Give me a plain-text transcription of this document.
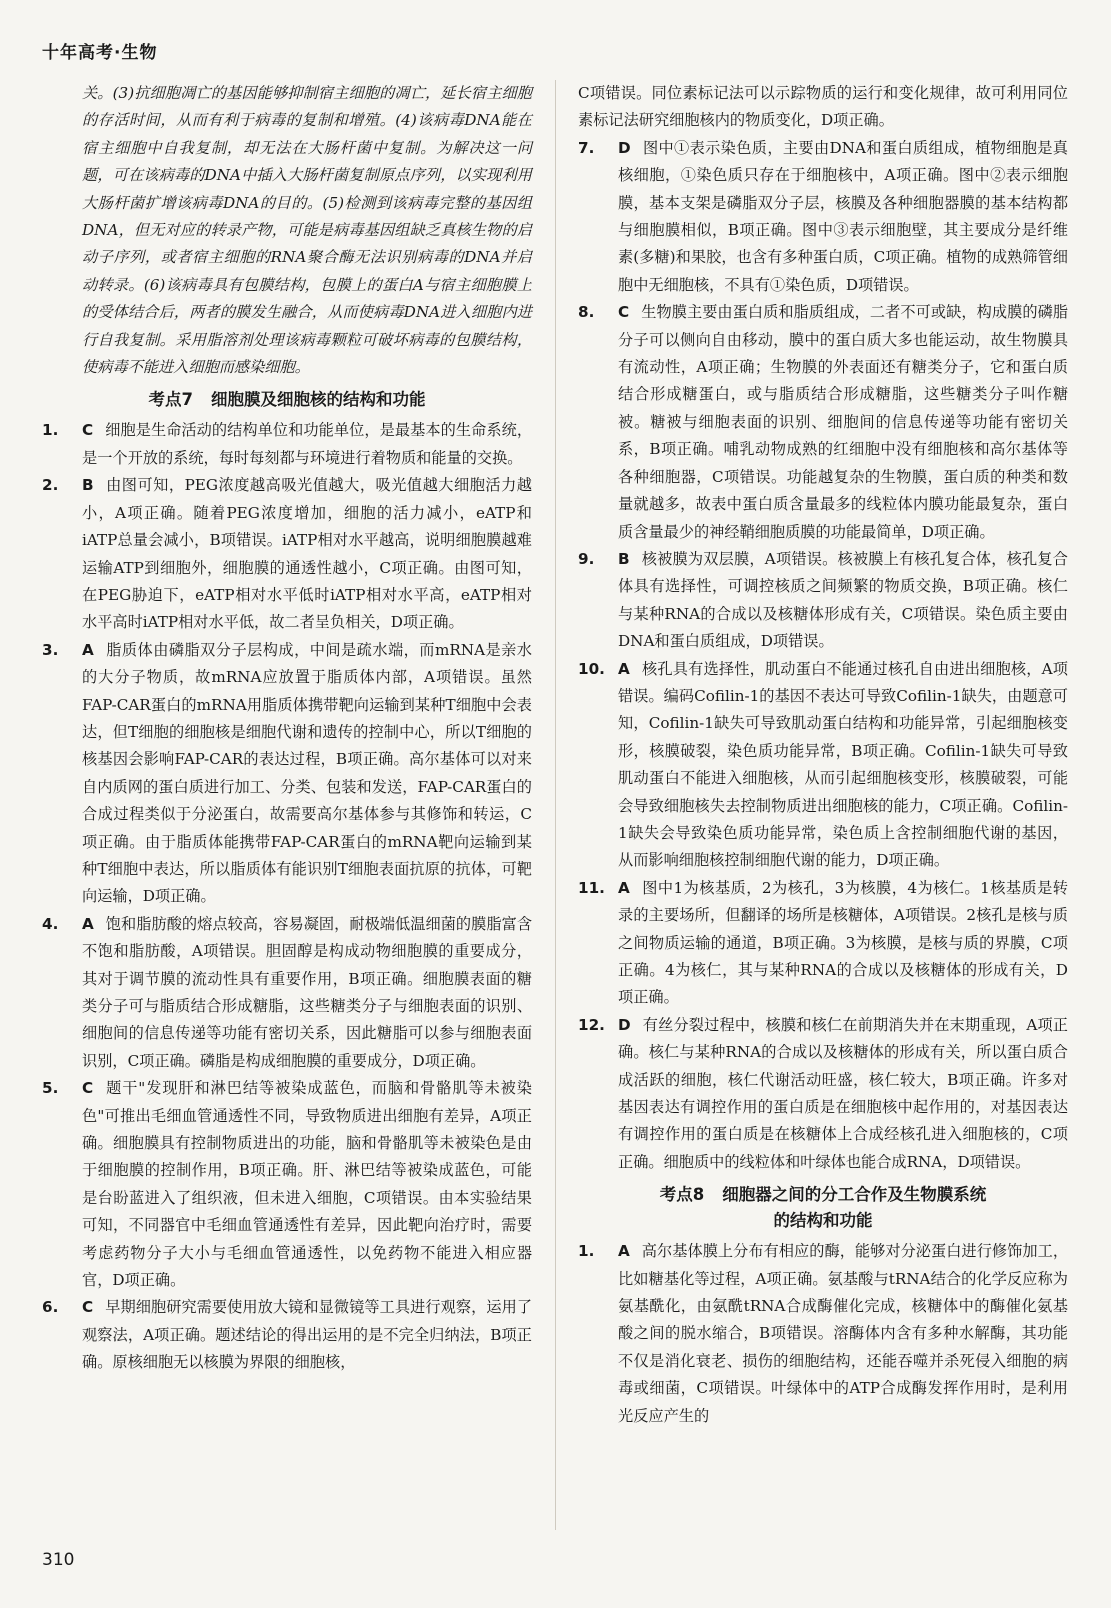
十年高考·生物

关。(3)抗细胞凋亡的基因能够抑制宿主细胞的凋亡，延长宿主细胞的存活时间，从而有利于病毒的复制和增殖。(4)该病毒DNA能在宿主细胞中自我复制，却无法在大肠杆菌中复制。为解决这一问题，可在该病毒的DNA中插入大肠杆菌复制原点序列，以实现利用大肠杆菌扩增该病毒DNA的目的。(5)检测到该病毒完整的基因组DNA，但无对应的转录产物，可能是病毒基因组缺乏真核生物的启动子序列，或者宿主细胞的RNA聚合酶无法识别病毒的DNA并启动转录。(6)该病毒具有包膜结构，包膜上的蛋白A与宿主细胞膜上的受体结合后，两者的膜发生融合，从而使病毒DNA进入细胞内进行自我复制。采用脂溶剂处理该病毒颗粒可破坏病毒的包膜结构，使病毒不能进入细胞而感染细胞。

考点7 细胞膜及细胞核的结构和功能
1. C 细胞是生命活动的结构单位和功能单位，是最基本的生命系统，是一个开放的系统，每时每刻都与环境进行着物质和能量的交换。
2. B 由图可知，PEG浓度越高吸光值越大，吸光值越大细胞活力越小，A项正确。随着PEG浓度增加，细胞的活力减小，eATP和iATP总量会减小，B项错误。iATP相对水平越高，说明细胞膜越难运输ATP到细胞外，细胞膜的通透性越小，C项正确。由图可知，在PEG胁迫下，eATP相对水平低时iATP相对水平高，eATP相对水平高时iATP相对水平低，故二者呈负相关，D项正确。
3. A 脂质体由磷脂双分子层构成，中间是疏水端，而mRNA是亲水的大分子物质，故mRNA应放置于脂质体内部，A项错误。虽然FAP-CAR蛋白的mRNA用脂质体携带靶向运输到某种T细胞中会表达，但T细胞的细胞核是细胞代谢和遗传的控制中心，所以T细胞的核基因会影响FAP-CAR的表达过程，B项正确。高尔基体可以对来自内质网的蛋白质进行加工、分类、包装和发送，FAP-CAR蛋白的合成过程类似于分泌蛋白，故需要高尔基体参与其修饰和转运，C项正确。由于脂质体能携带FAP-CAR蛋白的mRNA靶向运输到某种T细胞中表达，所以脂质体有能识别T细胞表面抗原的抗体，可靶向运输，D项正确。
4. A 饱和脂肪酸的熔点较高，容易凝固，耐极端低温细菌的膜脂富含不饱和脂肪酸，A项错误。胆固醇是构成动物细胞膜的重要成分，其对于调节膜的流动性具有重要作用，B项正确。细胞膜表面的糖类分子可与脂质结合形成糖脂，这些糖类分子与细胞表面的识别、细胞间的信息传递等功能有密切关系，因此糖脂可以参与细胞表面识别，C项正确。磷脂是构成细胞膜的重要成分，D项正确。
5. C 题干"发现肝和淋巴结等被染成蓝色，而脑和骨骼肌等未被染色"可推出毛细血管通透性不同，导致物质进出细胞有差异，A项正确。细胞膜具有控制物质进出的功能，脑和骨骼肌等未被染色是由于细胞膜的控制作用，B项正确。肝、淋巴结等被染成蓝色，可能是台盼蓝进入了组织液，但未进入细胞，C项错误。由本实验结果可知，不同器官中毛细血管通透性有差异，因此靶向治疗时，需要考虑药物分子大小与毛细血管通透性，以免药物不能进入相应器官，D项正确。
6. C 早期细胞研究需要使用放大镜和显微镜等工具进行观察，运用了观察法，A项正确。题述结论的得出运用的是不完全归纳法，B项正确。原核细胞无以核膜为界限的细胞核，

C项错误。同位素标记法可以示踪物质的运行和变化规律，故可利用同位素标记法研究细胞核内的物质变化，D项正确。

7. D 图中①表示染色质，主要由DNA和蛋白质组成，植物细胞是真核细胞，①染色质只存在于细胞核中，A项正确。图中②表示细胞膜，基本支架是磷脂双分子层，核膜及各种细胞器膜的基本结构都与细胞膜相似，B项正确。图中③表示细胞壁，其主要成分是纤维素(多糖)和果胶，也含有多种蛋白质，C项正确。植物的成熟筛管细胞中无细胞核，不具有①染色质，D项错误。
8. C 生物膜主要由蛋白质和脂质组成，二者不可或缺，构成膜的磷脂分子可以侧向自由移动，膜中的蛋白质大多也能运动，故生物膜具有流动性，A项正确；生物膜的外表面还有糖类分子，它和蛋白质结合形成糖蛋白，或与脂质结合形成糖脂，这些糖类分子叫作糖被。糖被与细胞表面的识别、细胞间的信息传递等功能有密切关系，B项正确。哺乳动物成熟的红细胞中没有细胞核和高尔基体等各种细胞器，C项错误。功能越复杂的生物膜，蛋白质的种类和数量就越多，故表中蛋白质含量最多的线粒体内膜功能最复杂，蛋白质含量最少的神经鞘细胞质膜的功能最简单，D项正确。
9. B 核被膜为双层膜，A项错误。核被膜上有核孔复合体，核孔复合体具有选择性，可调控核质之间频繁的物质交换，B项正确。核仁与某种RNA的合成以及核糖体形成有关，C项错误。染色质主要由DNA和蛋白质组成，D项错误。
10. A 核孔具有选择性，肌动蛋白不能通过核孔自由进出细胞核，A项错误。编码Cofilin-1的基因不表达可导致Cofilin-1缺失，由题意可知，Cofilin-1缺失可导致肌动蛋白结构和功能异常，引起细胞核变形，核膜破裂，染色质功能异常，B项正确。Cofilin-1缺失可导致肌动蛋白不能进入细胞核，从而引起细胞核变形，核膜破裂，可能会导致细胞核失去控制物质进出细胞核的能力，C项正确。Cofilin-1缺失会导致染色质功能异常，染色质上含控制细胞代谢的基因，从而影响细胞核控制细胞代谢的能力，D项正确。
11. A 图中1为核基质，2为核孔，3为核膜，4为核仁。1核基质是转录的主要场所，但翻译的场所是核糖体，A项错误。2核孔是核与质之间物质运输的通道，B项正确。3为核膜，是核与质的界膜，C项正确。4为核仁，其与某种RNA的合成以及核糖体的形成有关，D项正确。
12. D 有丝分裂过程中，核膜和核仁在前期消失并在末期重现，A项正确。核仁与某种RNA的合成以及核糖体的形成有关，所以蛋白质合成活跃的细胞，核仁代谢活动旺盛，核仁较大，B项正确。许多对基因表达有调控作用的蛋白质是在细胞核中起作用的，对基因表达有调控作用的蛋白质是在核糖体上合成经核孔进入细胞核的，C项正确。细胞质中的线粒体和叶绿体也能合成RNA，D项错误。
考点8 细胞器之间的分工合作及生物膜系统
的结构和功能
1. A 高尔基体膜上分布有相应的酶，能够对分泌蛋白进行修饰加工，比如糖基化等过程，A项正确。氨基酸与tRNA结合的化学反应称为氨基酰化，由氨酰tRNA合成酶催化完成，核糖体中的酶催化氨基酸之间的脱水缩合，B项错误。溶酶体内含有多种水解酶，其功能不仅是消化衰老、损伤的细胞结构，还能吞噬并杀死侵入细胞的病毒或细菌，C项错误。叶绿体中的ATP合成酶发挥作用时，是利用光反应产生的
310
